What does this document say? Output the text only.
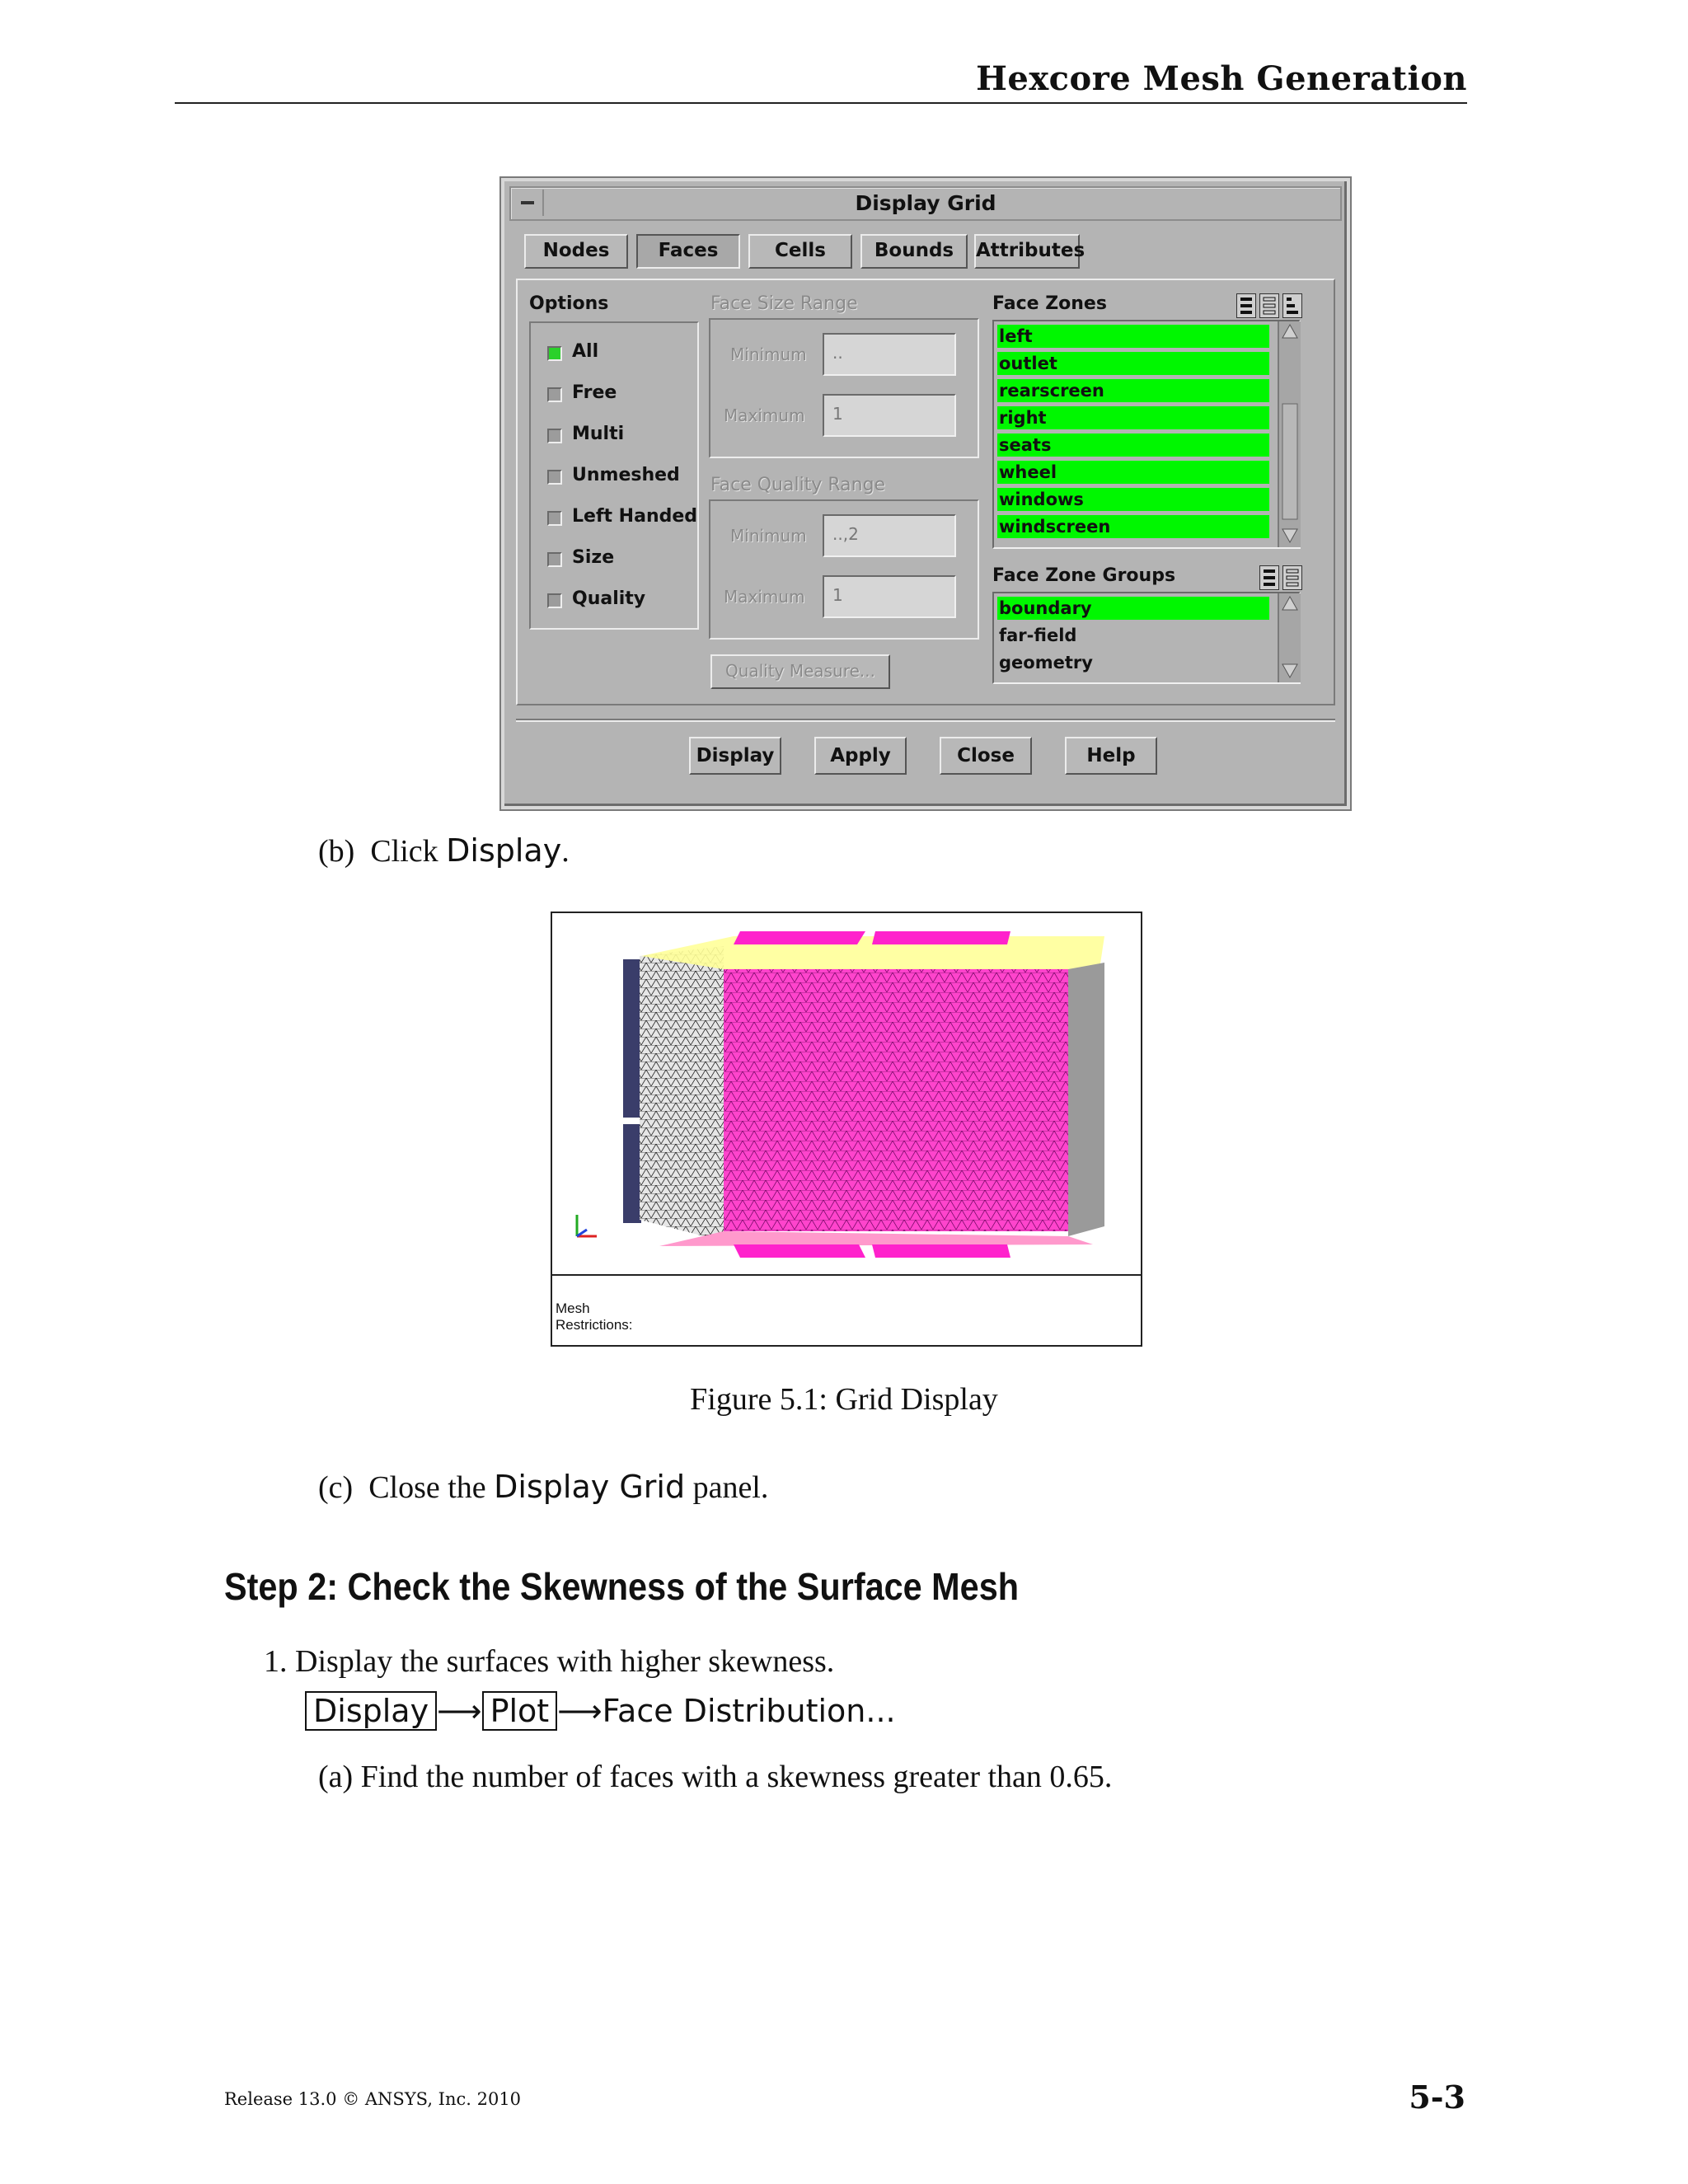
Hexcore Mesh Generation
Display Grid
Nodes	Faces	Cells	Bounds	Attributes
Options
All
Free
Multi
Unmeshed
Left Handed
Size
Quality
Face Size Range
Minimum	..
Maximum	1
Face Quality Range
Minimum	..,2
Maximum	1
Quality Measure...
Face Zones
left
outlet
rearscreen
right
seats
wheel
windows
windscreen
Face Zone Groups
boundary
far-field
geometry
Display	Apply	Close	Help
(b) Click Display.
Mesh
Restrictions:
Figure 5.1: Grid Display
(c) Close the Display Grid panel.
Step 2: Check the Skewness of the Surface Mesh
1. Display the surfaces with higher skewness.
Display ⟶ Plot ⟶Face Distribution...
(a) Find the number of faces with a skewness greater than 0.65.
Release 13.0 © ANSYS, Inc. 2010	5-3
